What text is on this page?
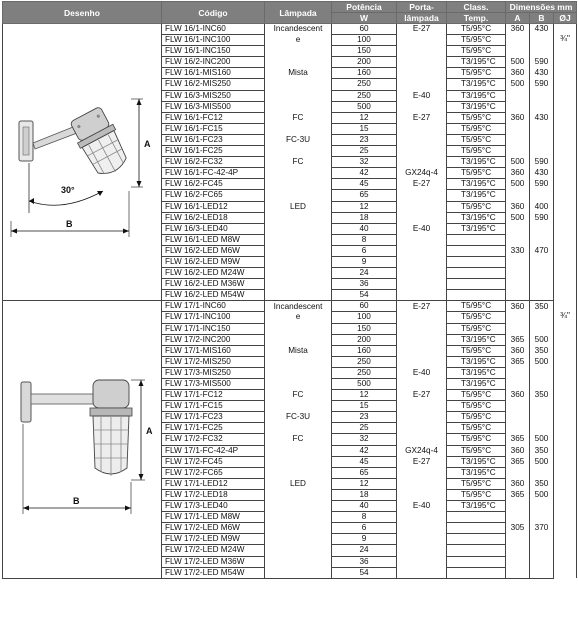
Desenho	Código	Lâmpada	Potência	Porta-	Class.	Dimensões mm		
			W	lâmpada	Temp.	A	B	ØJ

A
30°
B	FLW 16/1-INC60	Incandescent	60	E-27	T5/95°C	360	430	¾"
	FLW 16/1-INC100	e	100		T5/95°C			
	FLW 16/1-INC150		150		T5/95°C			
	FLW 16/2-INC200		200		T3/195°C	500	590	
	FLW 16/1-MIS160	Mista	160		T5/95°C	360	430	
	FLW 16/2-MIS250		250		T3/195°C	500	590	
	FLW 16/3-MIS250		250	E-40	T3/195°C			
	FLW 16/3-MIS500		500		T3/195°C			
	FLW 16/1-FC12	FC	12	E-27	T5/95°C	360	430	
	FLW 16/1-FC15		15		T5/95°C			
	FLW 16/1-FC23	FC-3U	23		T5/95°C			
	FLW 16/1-FC25		25		T5/95°C			
	FLW 16/2-FC32	FC	32		T3/195°C	500	590	
	FLW 16/1-FC-42-4P		42	GX24q-4	T5/95°C	360	430	
	FLW 16/2-FC45		45	E-27	T3/195°C	500	590	
	FLW 16/2-FC65		65		T3/195°C			
	FLW 16/1-LED12	LED	12		T5/95°C	360	400	
	FLW 16/2-LED18		18		T3/195°C	500	590	
	FLW 16/3-LED40		40	E-40	T3/195°C			
	FLW 16/1-LED M8W		8					
	FLW 16/2-LED M6W		6			330	470	
	FLW 16/2-LED M9W		9					
	FLW 16/2-LED M24W		24					
	FLW 16/2-LED M36W		36					
	FLW 16/2-LED M54W		54					

A
B	FLW 17/1-INC60	Incandescent	60	E-27	T5/95°C	360	350	¾"
	FLW 17/1-INC100	e	100		T5/95°C			
	FLW 17/1-INC150		150		T5/95°C			
	FLW 17/2-INC200		200		T3/195°C	365	500	
	FLW 17/1-MIS160	Mista	160		T5/95°C	360	350	
	FLW 17/2-MIS250		250		T3/195°C	365	500	
	FLW 17/3-MIS250		250	E-40	T3/195°C			
	FLW 17/3-MIS500		500		T3/195°C			
	FLW 17/1-FC12	FC	12	E-27	T5/95°C	360	350	
	FLW 17/1-FC15		15		T5/95°C			
	FLW 17/1-FC23	FC-3U	23		T5/95°C			
	FLW 17/1-FC25		25		T5/95°C			
	FLW 17/2-FC32	FC	32		T5/95°C	365	500	
	FLW 17/1-FC-42-4P		42	GX24q-4	T5/95°C	360	350	
	FLW 17/2-FC45		45	E-27	T3/195°C	365	500	
	FLW 17/2-FC65		65		T3/195°C			
	FLW 17/1-LED12	LED	12		T5/95°C	360	350	
	FLW 17/2-LED18		18		T5/95°C	365	500	
	FLW 17/3-LED40		40	E-40	T3/195°C			
	FLW 17/1-LED M8W		8					
	FLW 17/2-LED M6W		6			305	370	
	FLW 17/2-LED M9W		9					
	FLW 17/2-LED M24W		24					
	FLW 17/2-LED M36W		36					
	FLW 17/2-LED M54W		54					
